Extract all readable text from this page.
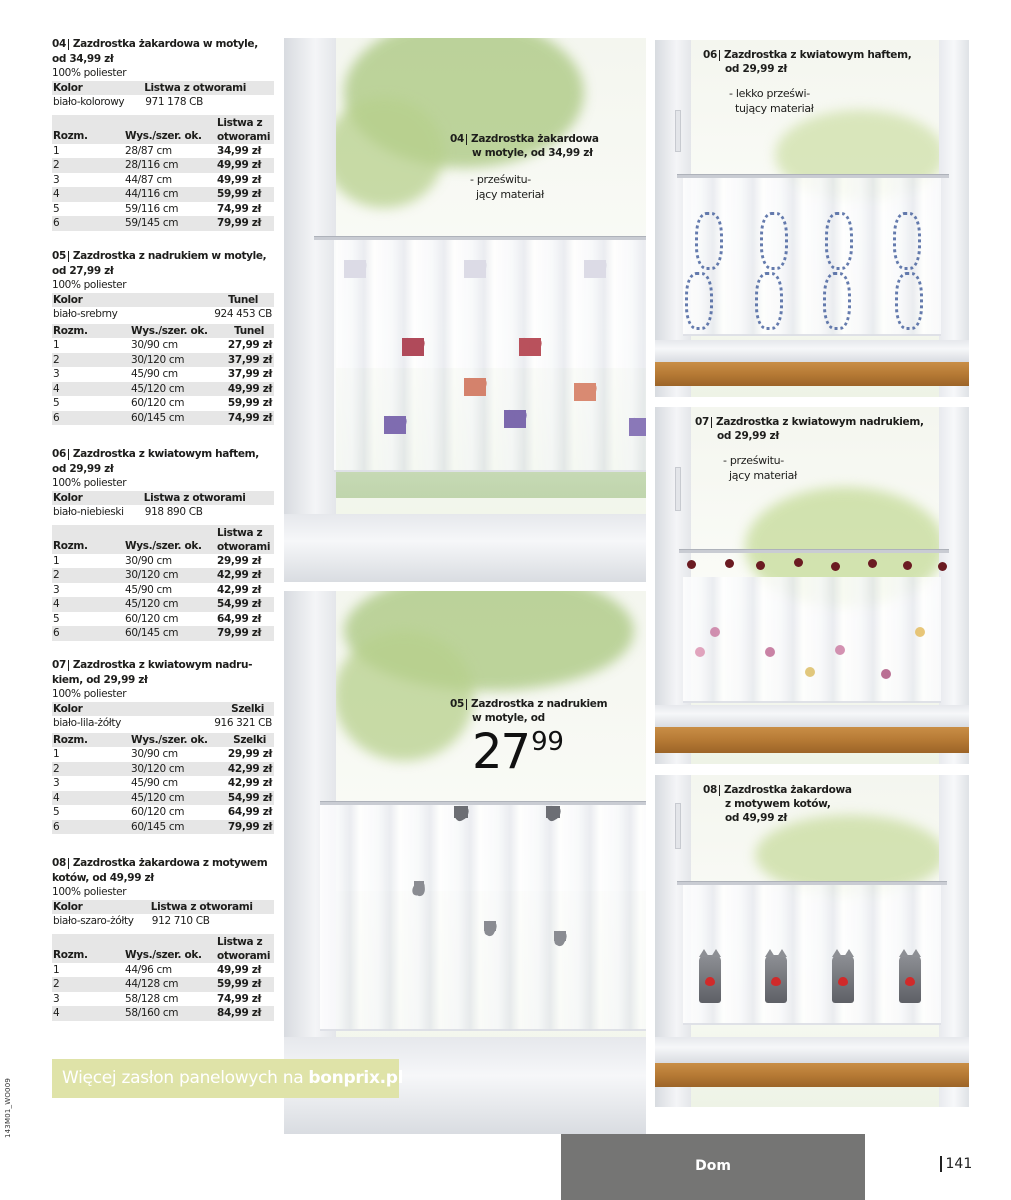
04 Zazdrostka żakardowa w motyle,
od 34,99 zł
100% poliester
Kolor	Listwa z otworami
biało-kolorowy	971 178 CB
Rozm.	Wys./szer. ok.	Listwa z
otworami

1	28/87 cm	34,99 zł
2	28/116 cm	49,99 zł
3	44/87 cm	49,99 zł
4	44/116 cm	59,99 zł
5	59/116 cm	74,99 zł
6	59/145 cm	79,99 zł
05 Zazdrostka z nadrukiem w motyle,
od 27,99 zł
100% poliester
Kolor	Tunel
biało-srebrny	924 453 CB
Rozm.	Wys./szer. ok.	Tunel
1	30/90 cm	27,99 zł
2	30/120 cm	37,99 zł
3	45/90 cm	37,99 zł
4	45/120 cm	49,99 zł
5	60/120 cm	59,99 zł
6	60/145 cm	74,99 zł
06 Zazdrostka z kwiatowym haftem,
od 29,99 zł
100% poliester
Kolor	Listwa z otworami
biało-niebieski	918 890 CB
Rozm.	Wys./szer. ok.	Listwa z
otworami

1	30/90 cm	29,99 zł
2	30/120 cm	42,99 zł
3	45/90 cm	42,99 zł
4	45/120 cm	54,99 zł
5	60/120 cm	64,99 zł
6	60/145 cm	79,99 zł
07 Zazdrostka z kwiatowym nadru-
kiem, od 29,99 zł
100% poliester
Kolor	Szelki
biało-lila-żółty	916 321 CB
Rozm.	Wys./szer. ok.	Szelki
1	30/90 cm	29,99 zł
2	30/120 cm	42,99 zł
3	45/90 cm	42,99 zł
4	45/120 cm	54,99 zł
5	60/120 cm	64,99 zł
6	60/145 cm	79,99 zł
08 Zazdrostka żakardowa z motywem
kotów, od 49,99 zł
100% poliester
Kolor	Listwa z otworami
biało-szaro-żółty	912 710 CB
Rozm.	Wys./szer. ok.	Listwa z
otworami

1	44/96 cm	49,99 zł
2	44/128 cm	59,99 zł
3	58/128 cm	74,99 zł
4	58/160 cm	84,99 zł
04 Zazdrostka żakardowa
w motyle, od 34,99 zł
- prześwitu-
jący materiał
05 Zazdrostka z nadrukiem
w motyle, od
27 99
06 Zazdrostka z kwiatowym haftem,
od 29,99 zł
- lekko prześwi-
tujący materiał
07 Zazdrostka z kwiatowym nadrukiem,
od 29,99 zł
- prześwitu-
jący materiał
08 Zazdrostka żakardowa
z motywem kotów,
od 49,99 zł
Więcej zasłon panelowych na bonprix.pl
143M01_WO009
Dom	141
